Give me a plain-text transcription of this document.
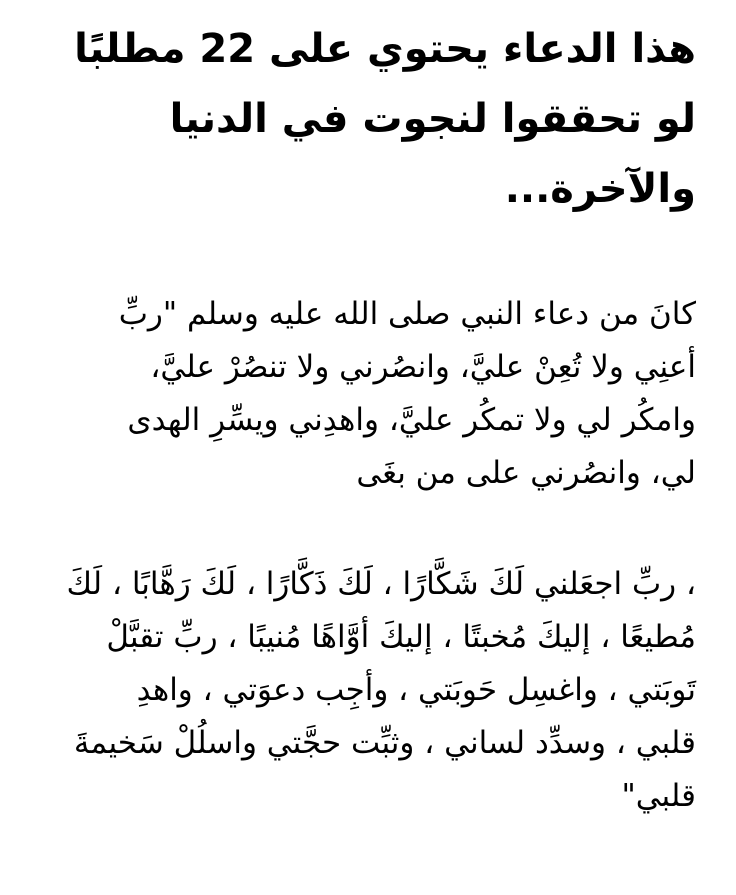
هذا الدعاء يحتوي على 22 مطلبًا
لو تحققوا لنجوت في الدنيا
والآخرة...
كانَ من دعاء النبي صلى الله عليه وسلم "ربِّ
أعنِي ولا تُعِنْ عليَّ، وانصُرني ولا تنصُرْ عليَّ،
وامكُر لي ولا تمكُر عليَّ، واهدِني ويسِّرِ الهدى
لي، وانصُرني على من بغَى
، ربِّ اجعَلني لَكَ شَكَّارًا ، لَكَ ذَكَّارًا ، لَكَ رَهَّابًا ، لَكَ
مُطيعًا ، إليكَ مُخبتًا ، إليكَ أوَّاهًا مُنيبًا ، ربِّ تقبَّلْ
تَوبَتي ، واغسِل حَوبَتي ، وأجِب دعوَتي ، واهدِ
قلبي ، وسدِّد لساني ، وثبِّت حجَّتي واسلُلْ سَخيمةَ
قلبي"
